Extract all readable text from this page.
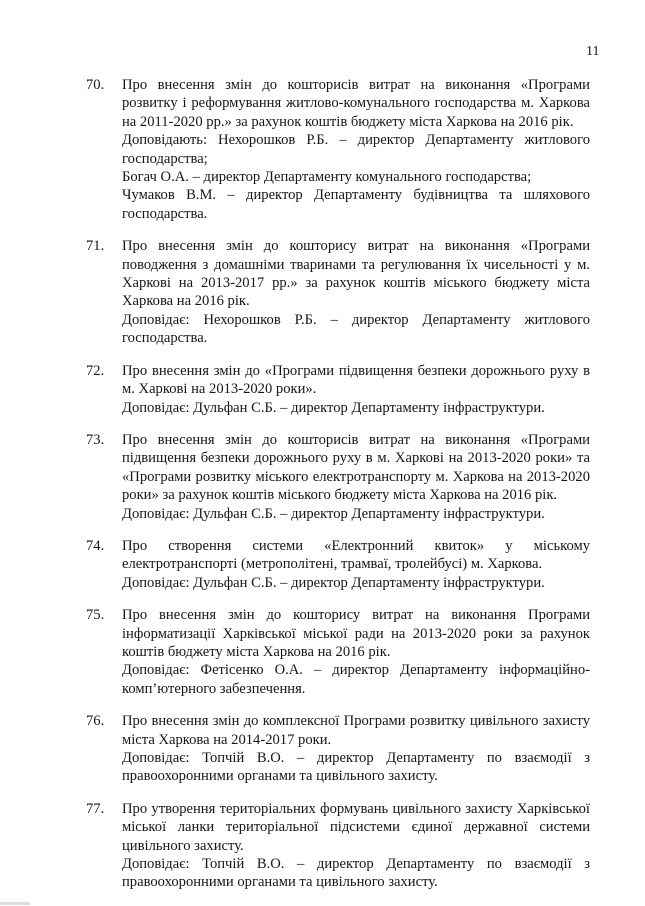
11
70. Про внесення змін до кошторисів витрат на виконання «Програми розвитку і реформування житлово-комунального господарства м. Харкова на 2011-2020 рр.» за рахунок коштів бюджету міста Харкова на 2016 рік.

Доповідають: Нехорошков Р.Б. – директор Департаменту житлового господарства;

Богач О.А. – директор Департаменту комунального господарства;

Чумаков В.М. – директор Департаменту будівництва та шляхового господарства.

71. Про внесення змін до кошторису витрат на виконання «Програми поводження з домашніми тваринами та регулювання їх чисельності у м. Харкові на 2013-2017 рр.» за рахунок коштів міського бюджету міста Харкова на 2016 рік.

Доповідає: Нехорошков Р.Б. – директор Департаменту житлового господарства.

72. Про внесення змін до «Програми підвищення безпеки дорожнього руху в м. Харкові на 2013-2020 роки».

Доповідає: Дульфан С.Б. – директор Департаменту інфраструктури.

73. Про внесення змін до кошторисів витрат на виконання «Програми підвищення безпеки дорожнього руху в м. Харкові на 2013-2020 роки» та «Програми розвитку міського електротранспорту м. Харкова на 2013-2020 роки» за рахунок коштів міського бюджету міста Харкова на 2016 рік.

Доповідає: Дульфан С.Б. – директор Департаменту інфраструктури.

74. Про створення системи «Електронний квиток» у міському електротранспорті (метрополітені, трамваї, тролейбусі) м. Харкова.

Доповідає: Дульфан С.Б. – директор Департаменту інфраструктури.

75. Про внесення змін до кошторису витрат на виконання Програми інформатизації Харківської міської ради на 2013-2020 роки за рахунок коштів бюджету міста Харкова на 2016 рік.

Доповідає: Фетісенко О.А. – директор Департаменту інформаційно-комп’ютерного забезпечення.

76. Про внесення змін до комплексної Програми розвитку цивільного захисту міста Харкова на 2014-2017 роки.

Доповідає: Топчій В.О. – директор Департаменту по взаємодії з правоохоронними органами та цивільного захисту.

77. Про утворення територіальних формувань цивільного захисту Харківської міської ланки територіальної підсистеми єдиної державної системи цивільного захисту.

Доповідає: Топчій В.О. – директор Департаменту по взаємодії з правоохоронними органами та цивільного захисту.
